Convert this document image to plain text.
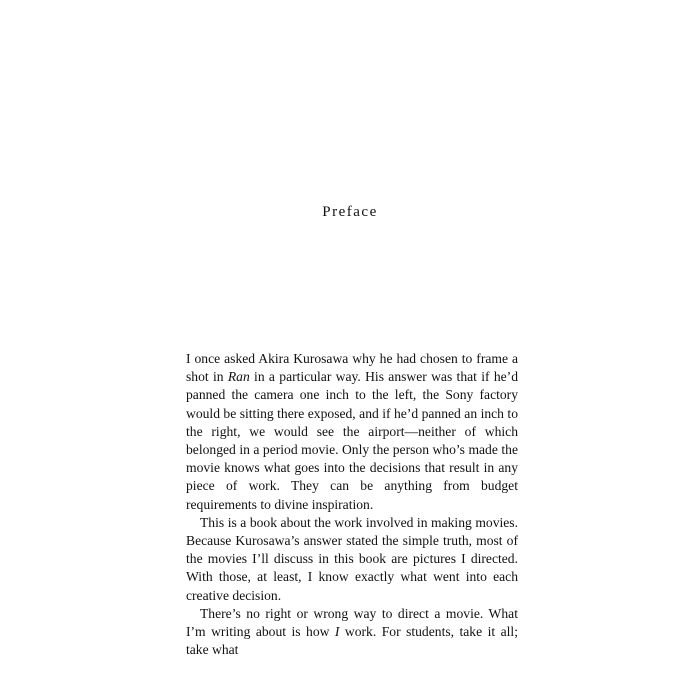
Preface

I once asked Akira Kurosawa why he had chosen to frame a shot in Ran in a particular way. His answer was that if he’d panned the camera one inch to the left, the Sony factory would be sitting there exposed, and if he’d panned an inch to the right, we would see the airport—neither of which belonged in a period movie. Only the person who’s made the movie knows what goes into the decisions that result in any piece of work. They can be anything from budget requirements to divine inspiration.

This is a book about the work involved in making movies. Because Kurosawa’s answer stated the simple truth, most of the movies I’ll discuss in this book are pictures I directed. With those, at least, I know exactly what went into each creative decision.

There’s no right or wrong way to direct a movie. What I’m writing about is how I work. For students, take it all; take what
